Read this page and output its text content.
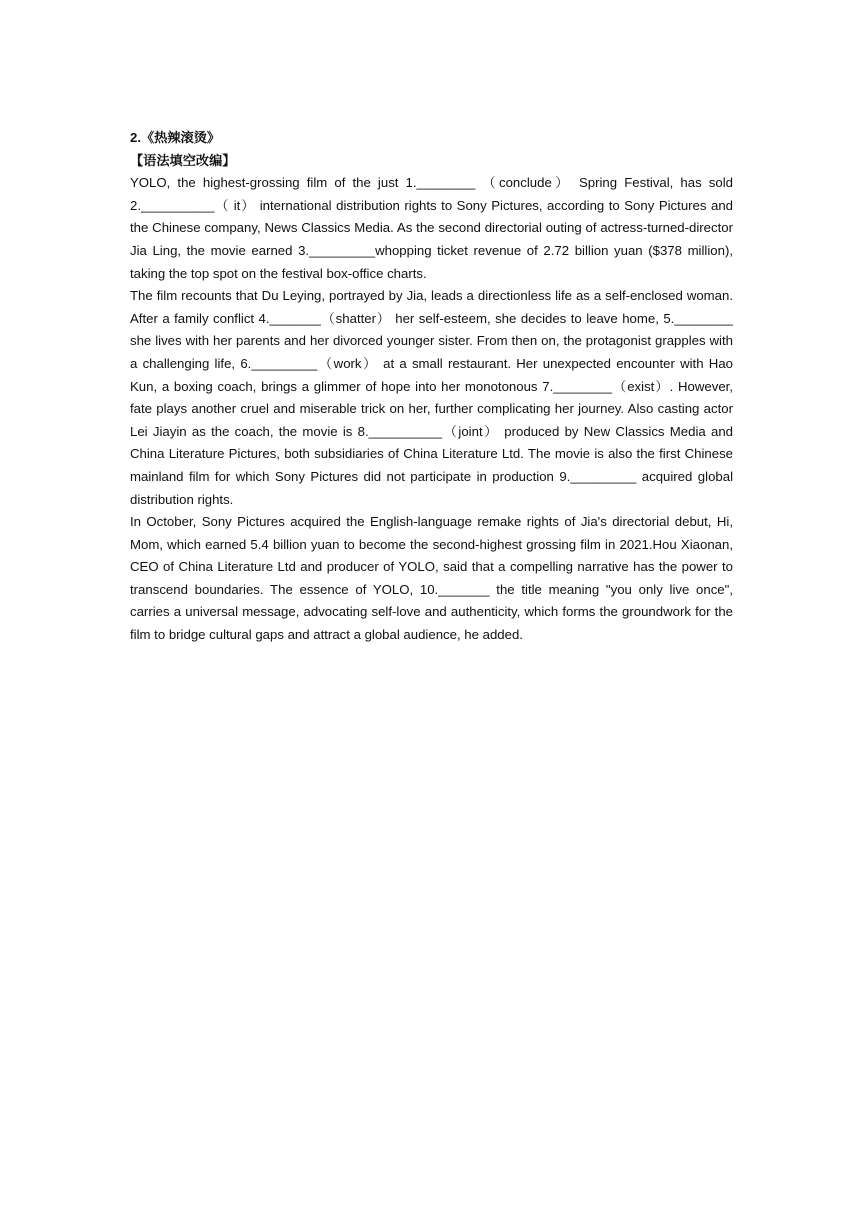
2.《热辣滚烫》

【语法填空改编】

YOLO, the highest-grossing film of the just 1.________ （conclude） Spring Festival, has sold 2.__________（ it） international distribution rights to Sony Pictures, according to Sony Pictures and the Chinese company, News Classics Media. As the second directorial outing of actress-turned-director Jia Ling, the movie earned 3._________whopping ticket revenue of 2.72 billion yuan ($378 million), taking the top spot on the festival box-office charts.

The film recounts that Du Leying, portrayed by Jia, leads a directionless life as a self-enclosed woman. After a family conflict 4._______（shatter） her self-esteem, she decides to leave home, 5.________ she lives with her parents and her divorced younger sister. From then on, the protagonist grapples with a challenging life, 6._________（work） at a small restaurant. Her unexpected encounter with Hao Kun, a boxing coach, brings a glimmer of hope into her monotonous 7.________（exist）. However, fate plays another cruel and miserable trick on her, further complicating her journey. Also casting actor Lei Jiayin as the coach, the movie is 8.__________（joint） produced by New Classics Media and China Literature Pictures, both subsidiaries of China Literature Ltd. The movie is also the first Chinese mainland film for which Sony Pictures did not participate in production 9._________ acquired global distribution rights.

In October, Sony Pictures acquired the English-language remake rights of Jia's directorial debut, Hi, Mom, which earned 5.4 billion yuan to become the second-highest grossing film in 2021.Hou Xiaonan, CEO of China Literature Ltd and producer of YOLO, said that a compelling narrative has the power to transcend boundaries. The essence of YOLO, 10._______ the title meaning "you only live once", carries a universal message, advocating self-love and authenticity, which forms the groundwork for the film to bridge cultural gaps and attract a global audience, he added.
